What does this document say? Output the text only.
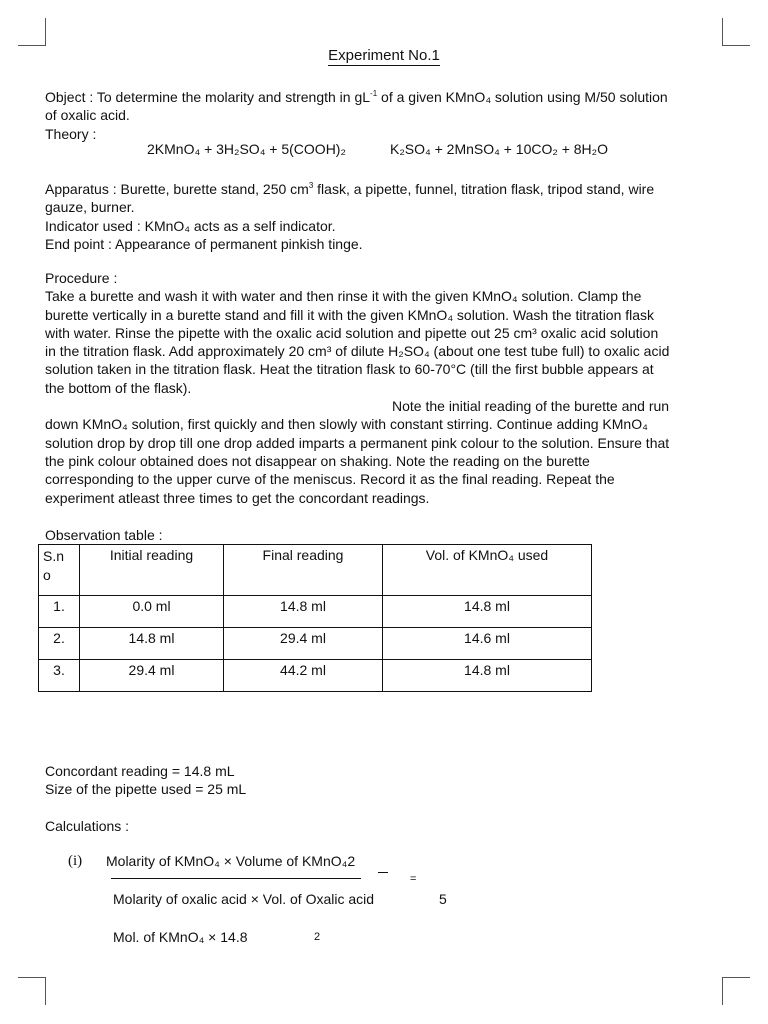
Experiment No.1
Object : To determine the molarity and strength in $gL^{-1}$ of a given KMnO₄ solution using M/50 solution
of oxalic acid.
Theory :
2KMnO₄ + 3H₂SO₄ + 5(COOH)₂	K₂SO₄ + 2MnSO₄ + 10CO₂ + 8H₂O
Apparatus : Burette, burette stand, 250 $cm^3$ flask, a pipette, funnel, titration flask, tripod stand, wire
gauze, burner.
Indicator used : KMnO₄ acts as a self indicator.
End point : Appearance of permanent pinkish tinge.
Procedure :
Take a burette and wash it with water and then rinse it with the given KMnO₄ solution. Clamp the
burette vertically in a burette stand and fill it with the given KMnO₄ solution. Wash the titration flask
with water. Rinse the pipette with the oxalic acid solution and pipette out 25 cm³ oxalic acid solution
in the titration flask. Add approximately 20 cm³ of dilute H₂SO₄ (about one test tube full) to oxalic acid
solution taken in the titration flask. Heat the titration flask to 60-70°C (till the first bubble appears at
the bottom of the flask).
Note the initial reading of the burette and run
down KMnO₄ solution, first quickly and then slowly with constant stirring. Continue adding KMnO₄
solution drop by drop till one drop added imparts a permanent pink colour to the solution. Ensure that
the pink colour obtained does not disappear on shaking. Note the reading on the burette
corresponding to the upper curve of the meniscus. Record it as the final reading. Repeat the
experiment atleast three times to get the concordant readings.
Observation table :
S.n o	Initial reading	Final reading	Vol. of KMnO₄ used
1.	0.0 ml	14.8 ml	14.8 ml
2.	14.8 ml	29.4 ml	14.6 ml
3.	29.4 ml	44.2 ml	14.8 ml
Concordant reading = 14.8 mL
Size of the pipette used = 25 mL
Calculations :
(i) Molarity of KMnO₄ × Volume of KMnO₄2
=
Molarity of oxalic acid × Vol. of Oxalic acid	5
Mol. of KMnO₄ × 14.8	2
